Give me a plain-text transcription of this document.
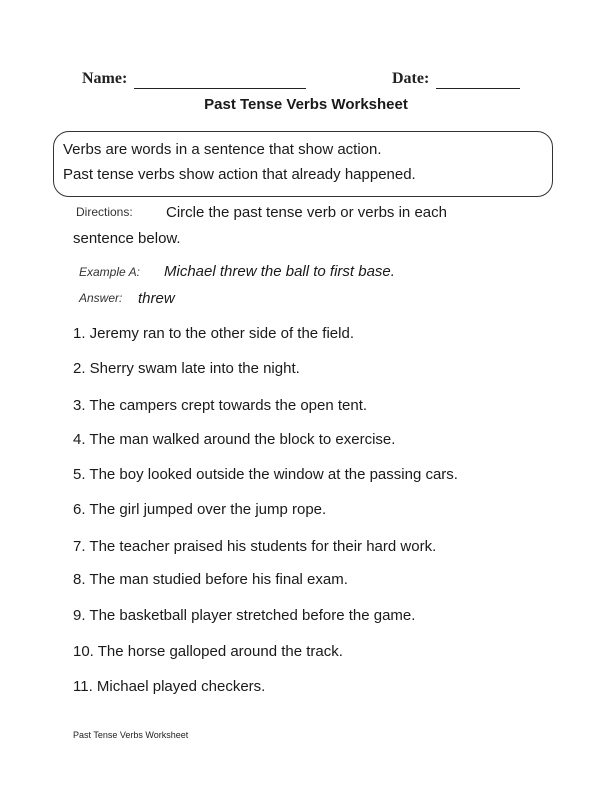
Name:	Date:
Past Tense Verbs Worksheet
Verbs are words in a sentence that show action.
Past tense verbs show action that already happened.
Directions: Circle the past tense verb or verbs in each
sentence below.
Example A: Michael threw the ball to first base.
Answer: threw
1. Jeremy ran to the other side of the field.
2. Sherry swam late into the night.
3. The campers crept towards the open tent.
4. The man walked around the block to exercise.
5. The boy looked outside the window at the passing cars.
6. The girl jumped over the jump rope.
7. The teacher praised his students for their hard work.
8. The man studied before his final exam.
9. The basketball player stretched before the game.
10. The horse galloped around the track.
11. Michael played checkers.
Past Tense Verbs Worksheet
